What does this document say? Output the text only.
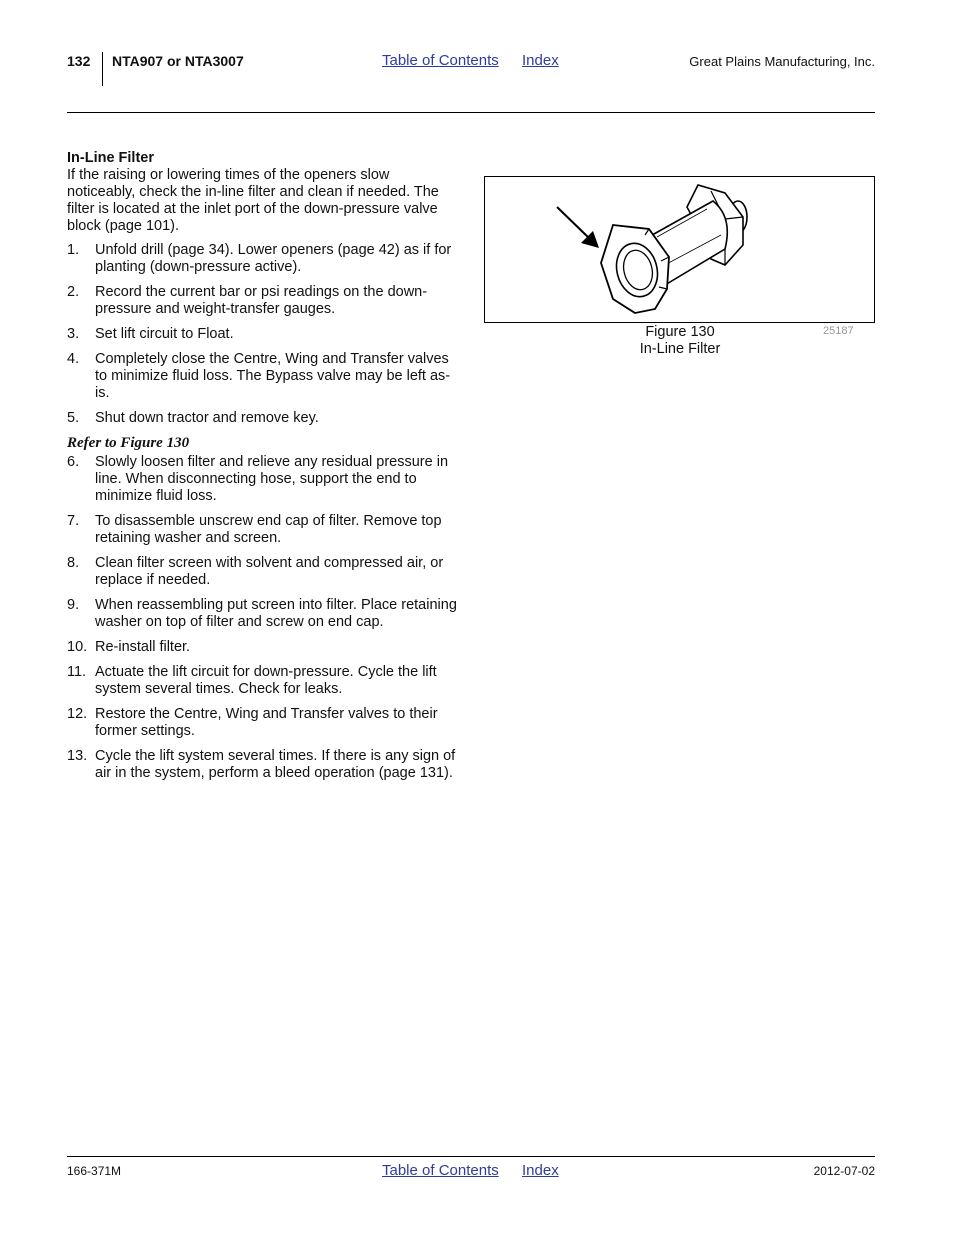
132 NTA907 or NTA3007	Table of Contents Index	Great Plains Manufacturing, Inc.
In-Line Filter

If the raising or lowering times of the openers slow noticeably, check the in-line filter and clean if needed. The filter is located at the inlet port of the down-pressure valve block (page 101).

1.	Unfold drill (page 34). Lower openers (page 42) as if for planting (down-pressure active).
2.	Record the current bar or psi readings on the down-pressure and weight-transfer gauges.
3.	Set lift circuit to Float.
4.	Completely close the Centre, Wing and Transfer valves to minimize fluid loss. The Bypass valve may be left as-is.
5.	Shut down tractor and remove key.
Refer to Figure 130
6.	Slowly loosen filter and relieve any residual pressure in line. When disconnecting hose, support the end to minimize fluid loss.
7.	To disassemble unscrew end cap of filter. Remove top retaining washer and screen.
8.	Clean filter screen with solvent and compressed air, or replace if needed.
9.	When reassembling put screen into filter. Place retaining washer on top of filter and screw on end cap.
10. Re-install filter.
11. Actuate the lift circuit for down-pressure. Cycle the lift system several times. Check for leaks.
12. Restore the Centre, Wing and Transfer valves to their former settings.
13. Cycle the lift system several times. If there is any sign of air in the system, perform a bleed operation (page 131).
Figure 130
In-Line Filter
25187
166-371M	Table of Contents Index	2012-07-02
